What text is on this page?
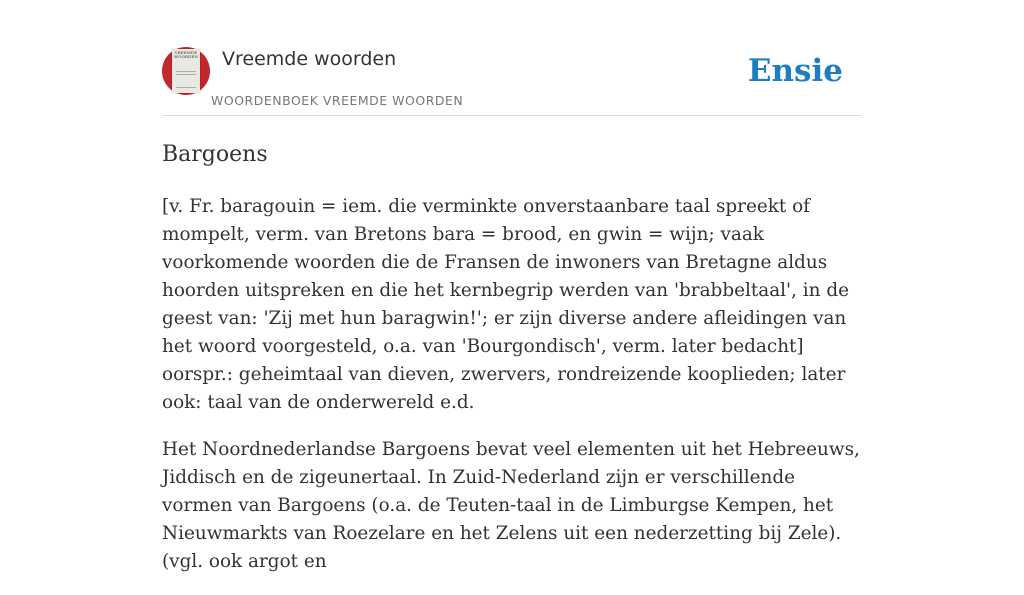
VREEMDE WOORDEN Vreemde woorden
WOORDENBOEK VREEMDE WOORDEN
Ensie
Bargoens

[v. Fr. baragouin = iem. die verminkte onverstaanbare taal spreekt of mompelt, verm. van Bretons bara = brood, en gwin = wijn; vaak voorkomende woorden die de Fransen de inwoners van Bretagne aldus hoorden uitspreken en die het kernbegrip werden van 'brabbeltaal', in de geest van: 'Zij met hun baragwin!'; er zijn diverse andere afleidingen van het woord voorgesteld, o.a. van 'Bourgondisch', verm. later bedacht] oorspr.: geheimtaal van dieven, zwervers, rondreizende kooplieden; later ook: taal van de onderwereld e.d.

Het Noordnederlandse Bargoens bevat veel elementen uit het Hebreeuws, Jiddisch en de zigeunertaal. In Zuid-Nederland zijn er verschillende vormen van Bargoens (o.a. de Teuten-taal in de Limburgse Kempen, het Nieuwmarkts van Roezelare en het Zelens uit een nederzetting bij Zele). (vgl. ook argot en
